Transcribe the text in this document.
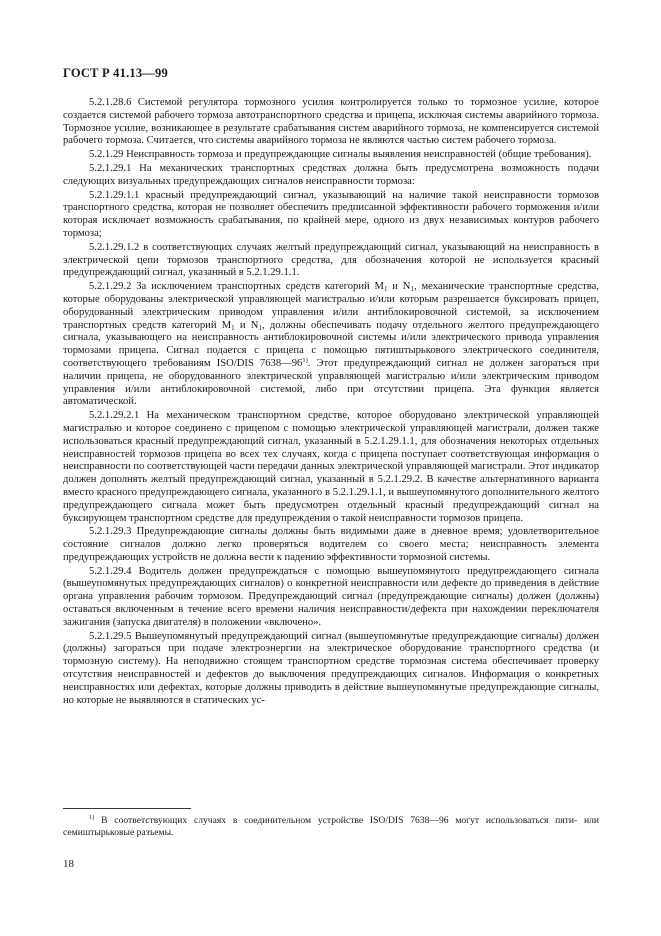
ГОСТ Р 41.13—99

5.2.1.28.6 Системой регулятора тормозного усилия контролируется только то тормозное усилие, которое создается системой рабочего тормоза автотранспортного средства и прицепа, исключая системы аварийного тормоза. Тормозное усилие, возникающее в результате срабатывания систем аварийного тормоза, не компенсируется системой рабочего тормоза. Считается, что системы аварийного тормоза не являются частью систем рабочего тормоза.

5.2.1.29 Неисправность тормоза и предупреждающие сигналы выявления неисправностей (общие требования).

5.2.1.29.1 На механических транспортных средствах должна быть предусмотрена возможность подачи следующих визуальных предупреждающих сигналов неисправности тормоза:

5.2.1.29.1.1 красный предупреждающий сигнал, указывающий на наличие такой неисправности тормозов транспортного средства, которая не позволяет обеспечить предписанной эффективности рабочего торможения и/или которая исключает возможность срабатывания, по крайней мере, одного из двух независимых контуров рабочего тормоза;

5.2.1.29.1.2 в соответствующих случаях желтый предупреждающий сигнал, указывающий на неисправность в электрической цепи тормозов транспортного средства, для обозначения которой не используется красный предупреждающий сигнал, указанный в 5.2.1.29.1.1.

5.2.1.29.2 За исключением транспортных средств категорий $М_1$ и $N_1$, механические транспортные средства, которые оборудованы электрической управляющей магистралью и/или которым разрешается буксировать прицеп, оборудованный электрическим приводом управления и/или антиблокировочной системой, за исключением транспортных средств категорий $М_1$ и $N_1$, должны обеспечивать подачу отдельного желтого предупреждающего сигнала, указывающего на неисправность антиблокировочной системы и/или электрического привода управления тормозами прицепа. Сигнал подается с прицепа с помощью пятиштырькового электрического соединителя, соответствующего требованиям ISO/DIS 7638—96$^{1)}$. Этот предупреждающий сигнал не должен загораться при наличии прицепа, не оборудованного электрической управляющей магистралью и/или электрическим приводом управления и/или антиблокировочной системой, либо при отсутствии прицепа. Эта функция является автоматической.

5.2.1.29.2.1 На механическом транспортном средстве, которое оборудовано электрической управляющей магистралью и которое соединено с прицепом с помощью электрической управляющей магистрали, должен также использоваться красный предупреждающий сигнал, указанный в 5.2.1.29.1.1, для обозначения некоторых отдельных неисправностей тормозов прицепа во всех тех случаях, когда с прицепа поступает соответствующая информация о неисправности по соответствующей части передачи данных электрической управляющей магистрали. Этот индикатор должен дополнять желтый предупреждающий сигнал, указанный в 5.2.1.29.2. В качестве альтернативного варианта вместо красного предупреждающего сигнала, указанного в 5.2.1.29.1.1, и вышеупомянутого дополнительного желтого предупреждающего сигнала может быть предусмотрен отдельный красный предупреждающий сигнал на буксирующем транспортном средстве для предупреждения о такой неисправности тормозов прицепа.

5.2.1.29.3 Предупреждающие сигналы должны быть видимыми даже в дневное время; удовлетворительное состояние сигналов должно легко проверяться водителем со своего места; неисправность элемента предупреждающих устройств не должна вести к падению эффективности тормозной системы.

5.2.1.29.4 Водитель должен предупреждаться с помощью вышеупомянутого предупреждающего сигнала (вышеупомянутых предупреждающих сигналов) о конкретной неисправности или дефекте до приведения в действие органа управления рабочим тормозом. Предупреждающий сигнал (предупреждающие сигналы) должен (должны) оставаться включенным в течение всего времени наличия неисправности/дефекта при нахождении переключателя зажигания (запуска двигателя) в положении «включено».

5.2.1.29.5 Вышеупомянутый предупреждающий сигнал (вышеупомянутые предупреждающие сигналы) должен (должны) загораться при подаче электроэнергии на электрическое оборудование транспортного средства (и тормозную систему). На неподвижно стоящем транспортном средстве тормозная система обеспечивает проверку отсутствия неисправностей и дефектов до выключения предупреждающих сигналов. Информация о конкретных неисправностях или дефектах, которые должны приводить в действие вышеупомянутые предупреждающие сигналы, но которые не выявляются в статических ус-

$^{1)}$ В соответствующих случаях в соединительном устройстве ISO/DIS 7638—96 могут использоваться пяти- или семиштырьковые разъемы.
18
